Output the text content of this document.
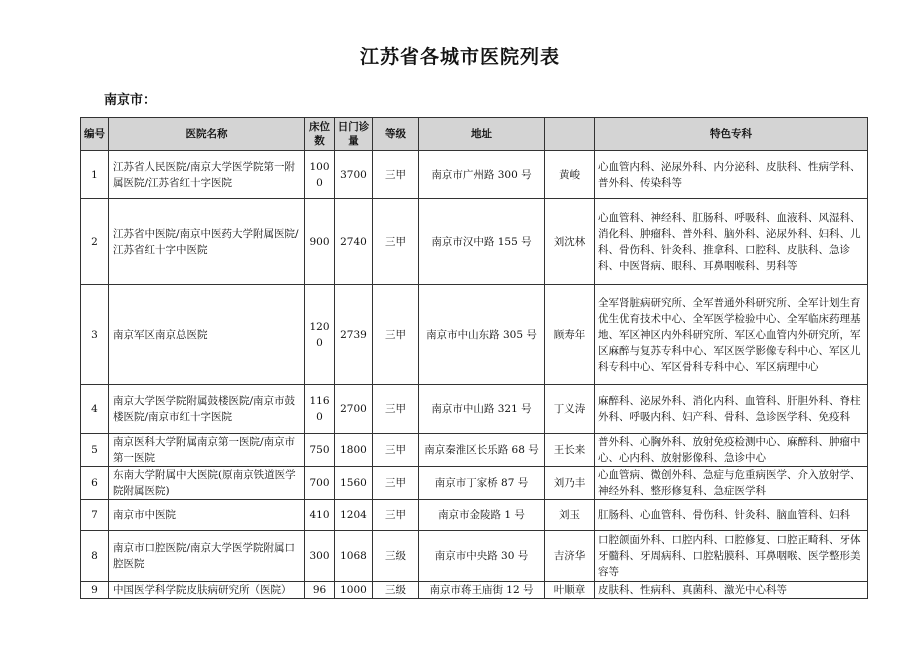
江苏省各城市医院列表
南京市：
编号	医院名称	床位数	日门诊量	等级	地址		特色专科
1	江苏省人民医院/南京大学医学院第一附属医院/江苏省红十字医院	1000	3700	三甲	南京市广州路 300 号	黄峻	心血管内科、泌尿外科、内分泌科、皮肤科、性病学科、普外科、传染科等
2	江苏省中医院/南京中医药大学附属医院/江苏省红十字中医院	900	2740	三甲	南京市汉中路 155 号	刘沈林	心血管科、神经科、肛肠科、呼吸科、血液科、风湿科、消化科、肿瘤科、普外科、脑外科、泌尿外科、妇科、儿科、骨伤科、针灸科、推拿科、口腔科、皮肤科、急诊科、中医肾病、眼科、耳鼻咽喉科、男科等
3	南京军区南京总医院	1200	2739	三甲	南京市中山东路 305 号	顾寿年	全军肾脏病研究所、全军普通外科研究所、全军计划生育优生优育技术中心、全军医学检验中心、全军临床药理基地、军区神区内外科研究所、军区心血管内外研究所，军区麻醉与复苏专科中心、军区医学影像专科中心、军区儿科专科中心、军区骨科专科中心、军区病理中心
4	南京大学医学院附属鼓楼医院/南京市鼓楼医院/南京市红十字医院	1160	2700	三甲	南京市中山路 321 号	丁义涛	麻醉科、泌尿外科、消化内科、血管科、肝胆外科、脊柱外科、呼吸内科、妇产科、骨科、急诊医学科、免疫科
5	南京医科大学附属南京第一医院/南京市第一医院	750	1800	三甲	南京秦淮区长乐路 68 号	王长来	普外科、心胸外科、放射免疫检测中心、麻醉科、肿瘤中心、心内科、放射影像科、急诊中心
6	东南大学附属中大医院(原南京铁道医学院附属医院)	700	1560	三甲	南京市丁家桥 87 号	刘乃丰	心血管病、微创外科、急症与危重病医学、介入放射学、神经外科、整形修复科、急症医学科
7	南京市中医院	410	1204	三甲	南京市金陵路 1 号	刘玉	肛肠科、心血管科、骨伤科、针灸科、脑血管科、妇科
8	南京市口腔医院/南京大学医学院附属口腔医院	300	1068	三级	南京市中央路 30 号	吉济华	口腔颌面外科、口腔内科、口腔修复、口腔正畸科、牙体牙髓科、牙周病科、口腔粘膜科、耳鼻咽喉、医学整形美容等
9	中国医学科学院皮肤病研究所（医院）	96	1000	三级	南京市蒋王庙街 12 号	叶顺章	皮肤科、性病科、真菌科、激光中心科等
